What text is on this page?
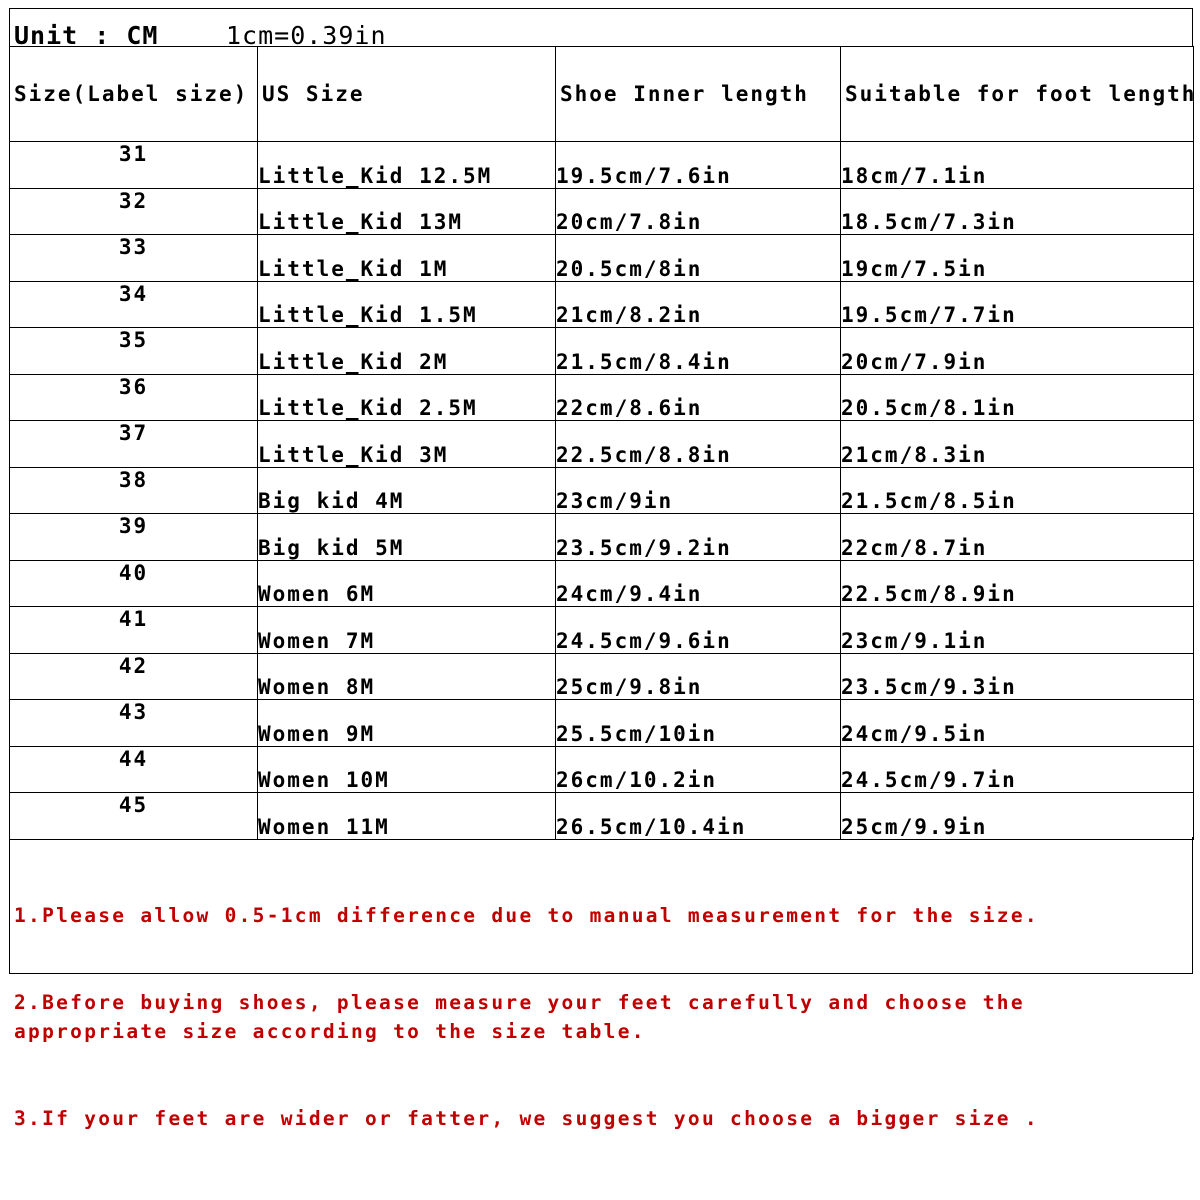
Unit : CM	1cm=0.39in
Size(Label size)	US Size	Shoe Inner length	Suitable for foot length
31	Little_Kid 12.5M	19.5cm/7.6in	18cm/7.1in
32	Little_Kid 13M	20cm/7.8in	18.5cm/7.3in
33	Little_Kid 1M	20.5cm/8in	19cm/7.5in
34	Little_Kid 1.5M	21cm/8.2in	19.5cm/7.7in
35	Little_Kid 2M	21.5cm/8.4in	20cm/7.9in
36	Little_Kid 2.5M	22cm/8.6in	20.5cm/8.1in
37	Little_Kid 3M	22.5cm/8.8in	21cm/8.3in
38	Big kid 4M	23cm/9in	21.5cm/8.5in
39	Big kid 5M	23.5cm/9.2in	22cm/8.7in
40	Women 6M	24cm/9.4in	22.5cm/8.9in
41	Women 7M	24.5cm/9.6in	23cm/9.1in
42	Women 8M	25cm/9.8in	23.5cm/9.3in
43	Women 9M	25.5cm/10in	24cm/9.5in
44	Women 10M	26cm/10.2in	24.5cm/9.7in
45	Women 11M	26.5cm/10.4in	25cm/9.9in

1.Please allow 0.5-1cm difference due to manual measurement for the size.

2.Before buying shoes, please measure your feet carefully and choose the appropriate size according to the size table.

3.If your feet are wider or fatter, we suggest you choose a bigger size .
